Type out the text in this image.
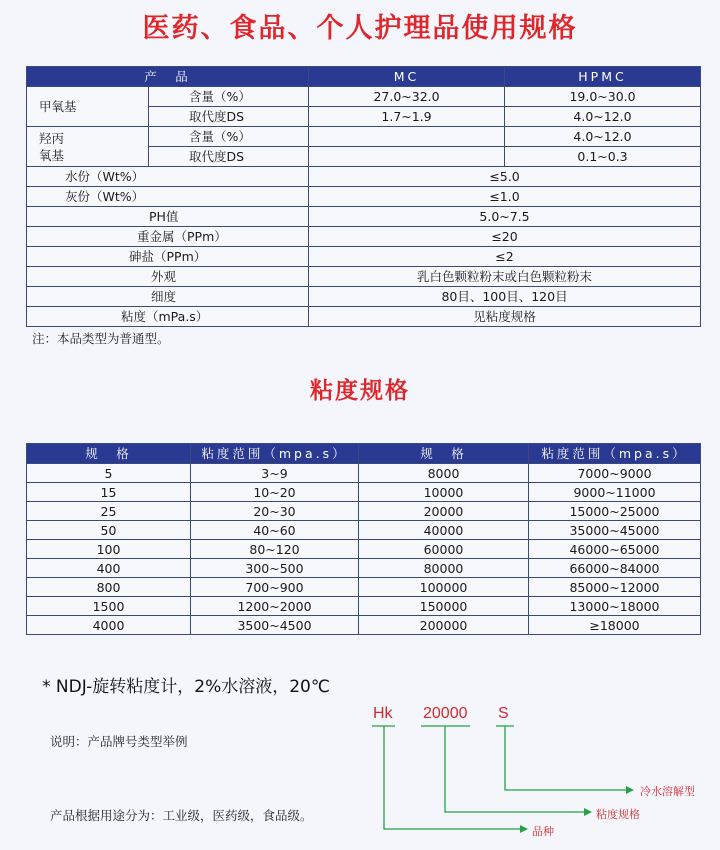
医药、食品、个人护理品使用规格
产　品		MC	HPMC
甲氧基	含量（%）	27.0~32.0	19.0~30.0
	取代度DS	1.7~1.9	4.0~12.0
羟丙
氧基	含量（%）		4.0~12.0
	取代度DS		0.1~0.3
水份（Wt%）		≤5.0	
灰份（Wt%）		≤1.0	
PH值		5.0~7.5	
重金属（PPm）		≤20	
砷盐（PPm）		≤2	
外观		乳白色颗粒粉末或白色颗粒粉末	
细度		80目、100目、120目	
粘度（mPa.s）		见粘度规格	
注：本品类型为普通型。
粘度规格
规　格	粘度范围（mpa.s）	规　格	粘度范围（mpa.s）
5	3~9	8000	7000~9000
15	10~20	10000	9000~11000
25	20~30	20000	15000~25000
50	40~60	40000	35000~45000
100	80~120	60000	46000~65000
400	300~500	80000	66000~84000
800	700~900	100000	85000~12000
1500	1200~2000	150000	13000~18000
4000	3500~4500	200000	≥18000
* NDJ-旋转粘度计，2%水溶液，20℃
说明：产品牌号类型举例
Hk 20000 S
冷水溶解型
粘度规格
品种
产品根据用途分为：工业级，医药级，食品级。
